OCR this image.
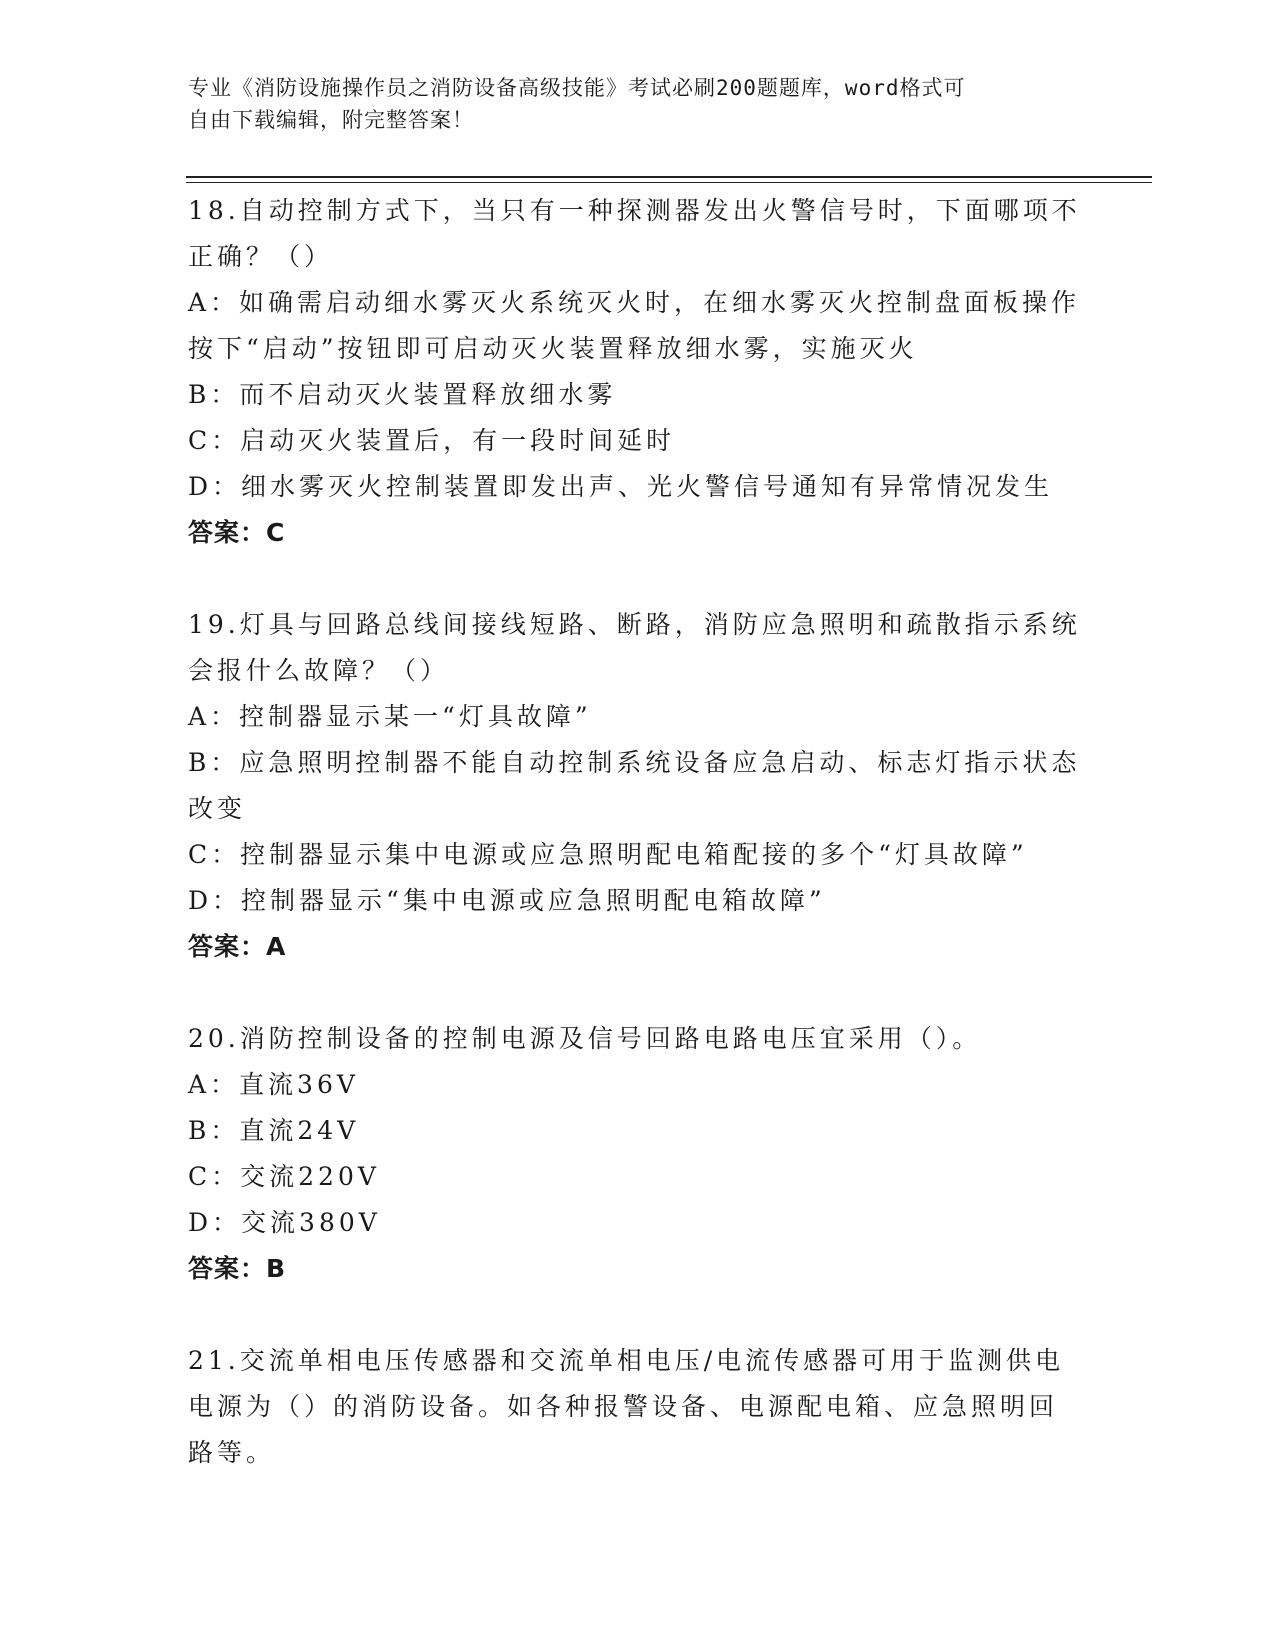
专业《消防设施操作员之消防设备高级技能》考试必刷200题题库，word格式可
自由下载编辑，附完整答案！
18.自动控制方式下，当只有一种探测器发出火警信号时，下面哪项不
正确？（）
A：如确需启动细水雾灭火系统灭火时，在细水雾灭火控制盘面板操作
按下“启动”按钮即可启动灭火装置释放细水雾，实施灭火
B：而不启动灭火装置释放细水雾
C：启动灭火装置后，有一段时间延时
D：细水雾灭火控制装置即发出声、光火警信号通知有异常情况发生
答案：C
19.灯具与回路总线间接线短路、断路，消防应急照明和疏散指示系统
会报什么故障？（）
A：控制器显示某一“灯具故障”
B：应急照明控制器不能自动控制系统设备应急启动、标志灯指示状态
改变
C：控制器显示集中电源或应急照明配电箱配接的多个“灯具故障”
D：控制器显示“集中电源或应急照明配电箱故障”
答案：A
20.消防控制设备的控制电源及信号回路电路电压宜采用（）。
A：直流36V
B：直流24V
C：交流220V
D：交流380V
答案：B
21.交流单相电压传感器和交流单相电压/电流传感器可用于监测供电
电源为（）的消防设备。如各种报警设备、电源配电箱、应急照明回
路等。
